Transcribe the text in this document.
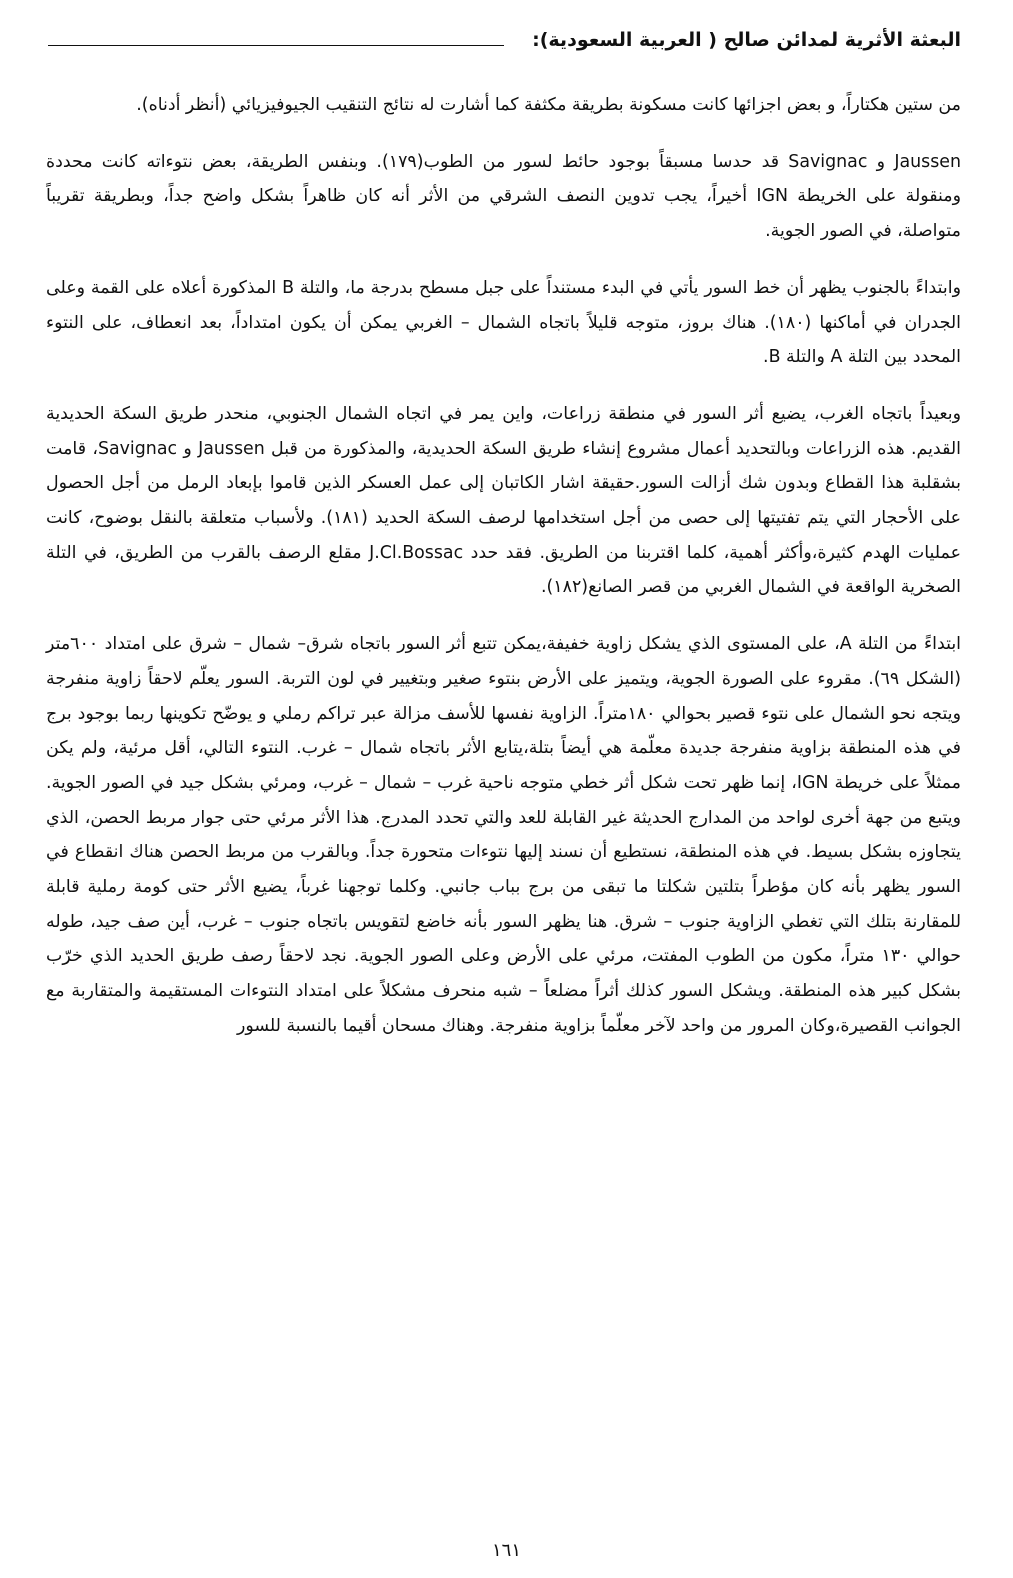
البعثة الأثرية لمدائن صالح ( العربية السعودية):

من ستين هكتاراً، و بعض اجزائها كانت مسكونة بطريقة مكثفة كما أشارت له نتائج التنقيب الجيوفيزيائي (أنظر أدناه).

Jaussen و Savignac قد حدسا مسبقاً بوجود حائط لسور من الطوب(١٧٩). وبنفس الطريقة، بعض نتوءاته كانت محددة ومنقولة على الخريطة IGN أخيراً، يجب تدوين النصف الشرقي من الأثر أنه كان ظاهراً بشكل واضح جداً، وبطريقة تقريباً متواصلة، في الصور الجوية.

وابتداءً بالجنوب يظهر أن خط السور يأتي في البدء مستنداً على جبل مسطح بدرجة ما، والتلة B المذكورة أعلاه على القمة وعلى الجدران في أماكنها (١٨٠). هناك بروز، متوجه قليلاً باتجاه الشمال – الغربي يمكن أن يكون امتداداً، بعد انعطاف، على النتوء المحدد بين التلة A والتلة B.

وبعيداً باتجاه الغرب، يضيع أثر السور في منطقة زراعات، واين يمر في اتجاه الشمال الجنوبي، منحدر طريق السكة الحديدية القديم. هذه الزراعات وبالتحديد أعمال مشروع إنشاء طريق السكة الحديدية، والمذكورة من قبل Jaussen و Savignac، قامت بشقلبة هذا القطاع وبدون شك أزالت السور.حقيقة اشار الكاتبان إلى عمل العسكر الذين قاموا بإبعاد الرمل من أجل الحصول على الأحجار التي يتم تفتيتها إلى حصى من أجل استخدامها لرصف السكة الحديد (١٨١). ولأسباب متعلقة بالنقل بوضوح، كانت عمليات الهدم كثيرة،وأكثر أهمية، كلما اقتربنا من الطريق. فقد حدد J.Cl.Bossac مقلع الرصف بالقرب من الطريق، في التلة الصخرية الواقعة في الشمال الغربي من قصر الصانع(١٨٢).

ابتداءً من التلة A، على المستوى الذي يشكل زاوية خفيفة،يمكن تتبع أثر السور باتجاه شرق– شمال – شرق على امتداد ٦٠٠متر (الشكل ٦٩). مقروء على الصورة الجوية، ويتميز على الأرض بنتوء صغير وبتغيير في لون التربة. السور يعلّم لاحقاً زاوية منفرجة ويتجه نحو الشمال على نتوء قصير بحوالي ١٨٠متراً. الزاوية نفسها للأسف مزالة عبر تراكم رملي و يوضّح تكوينها ربما بوجود برج في هذه المنطقة بزاوية منفرجة جديدة معلّمة هي أيضاً بتلة،يتابع الأثر باتجاه شمال – غرب. النتوء التالي، أقل مرئية، ولم يكن ممثلاً على خريطة IGN، إنما ظهر تحت شكل أثر خطي متوجه ناحية غرب – شمال – غرب، ومرئي بشكل جيد في الصور الجوية. ويتبع من جهة أخرى لواحد من المدارج الحديثة غير القابلة للعد والتي تحدد المدرج. هذا الأثر مرئي حتى جوار مربط الحصن، الذي يتجاوزه بشكل بسيط. في هذه المنطقة، نستطيع أن نسند إليها نتوءات متحورة جداً. وبالقرب من مربط الحصن هناك انقطاع في السور يظهر بأنه كان مؤطراً بتلتين شكلتا ما تبقى من برج بباب جانبي. وكلما توجهنا غرباً، يضيع الأثر حتى كومة رملية قابلة للمقارنة بتلك التي تغطي الزاوية جنوب – شرق. هنا يظهر السور بأنه خاضع لتقويس باتجاه جنوب – غرب، أين صف جيد، طوله حوالي ١٣٠ متراً، مكون من الطوب المفتت، مرئي على الأرض وعلى الصور الجوية. نجد لاحقاً رصف طريق الحديد الذي خرّب بشكل كبير هذه المنطقة. ويشكل السور كذلك أثراً مضلعاً – شبه منحرف مشكلاً على امتداد النتوءات المستقيمة والمتقاربة مع الجوانب القصيرة،وكان المرور من واحد لآخر معلّماً بزاوية منفرجة. وهناك مسحان أقيما بالنسبة للسور

١٦١
